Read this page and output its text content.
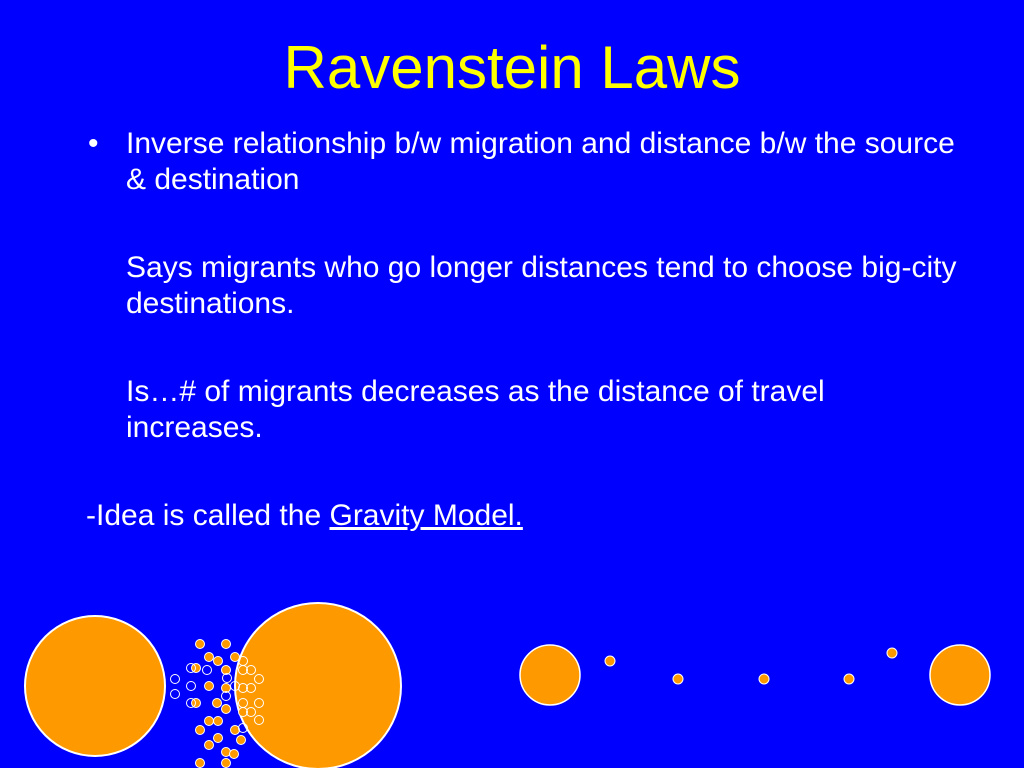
Ravenstein Laws
• Inverse relationship b/w migration and distance b/w the source & destination

Says migrants who go longer distances tend to choose big-city destinations.

Is…# of migrants decreases as the distance of travel increases.

-Idea is called the Gravity Model.
